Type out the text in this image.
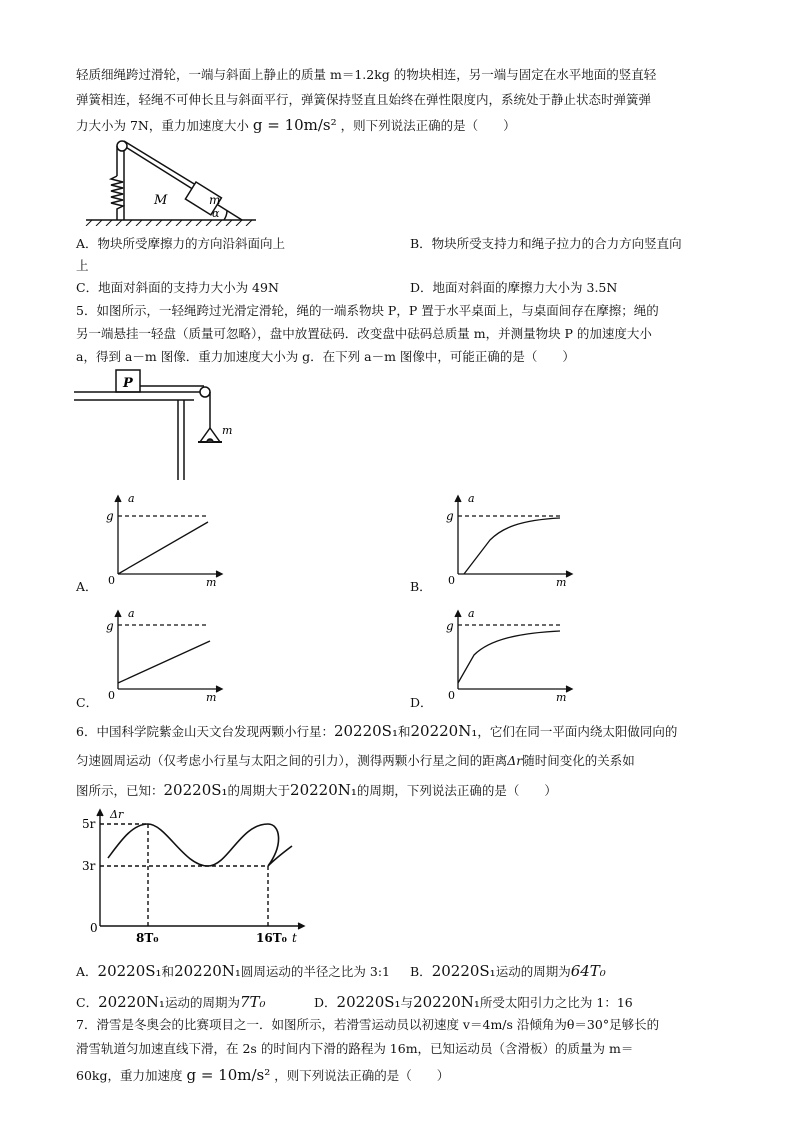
轻质细绳跨过滑轮，一端与斜面上静止的质量 m＝1.2kg 的物块相连，另一端与固定在水平地面的竖直轻
弹簧相连，轻绳不可伸长且与斜面平行，弹簧保持竖直且始终在弹性限度内，系统处于静止状态时弹簧弹
力大小为 7N，重力加速度大小 g = 10m/s² ，则下列说法正确的是（　　）
m
M
α
A．物块所受摩擦力的方向沿斜面向上	B．物块所受支持力和绳子拉力的合力方向竖直向
上
C．地面对斜面的支持力大小为 49N	D．地面对斜面的摩擦力大小为 3.5N
5．如图所示，一轻绳跨过光滑定滑轮，绳的一端系物块 P，P 置于水平桌面上，与桌面间存在摩擦；绳的
另一端悬挂一轻盘（质量可忽略），盘中放置砝码．改变盘中砝码总质量 m，并测量物块 P 的加速度大小
a，得到 a－m 图像．重力加速度大小为 g．在下列 a－m 图像中，可能正确的是（　　）
P
m
A．
a
g
0	m	B．
a
g
0	m
C．
a
g
0	m	D．
a
g
0	m
6．中国科学院紫金山天文台发现两颗小行星：20220S₁和20220N₁，它们在同一平面内绕太阳做同向的
匀速圆周运动（仅考虑小行星与太阳之间的引力），测得两颗小行星之间的距离Δr随时间变化的关系如
图所示，已知：20220S₁的周期大于20220N₁的周期，下列说法正确的是（　　）
Δr
5r
3r
0
8T₀	16T₀ t
A．20220S₁和20220N₁圆周运动的半径之比为 3:1 B．20220S₁运动的周期为64T₀
C．20220N₁运动的周期为7T₀	D．20220S₁与20220N₁所受太阳引力之比为 1：16
7．滑雪是冬奥会的比赛项目之一．如图所示，若滑雪运动员以初速度 v＝4m/s 沿倾角为θ＝30°足够长的
滑雪轨道匀加速直线下滑，在 2s 的时间内下滑的路程为 16m，已知运动员（含滑板）的质量为 m＝
60kg，重力加速度 g = 10m/s² ，则下列说法正确的是（　　）
